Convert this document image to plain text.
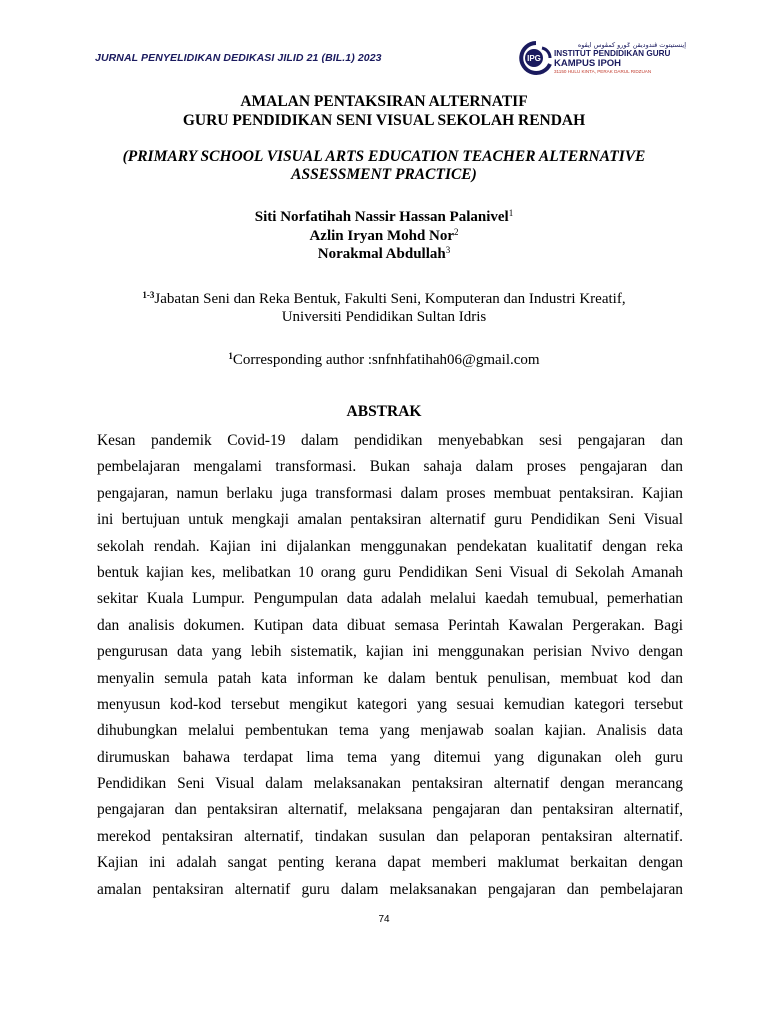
JURNAL PENYELIDIKAN DEDIKASI JILID 21 (BIL.1) 2023	IPG
إينستيتوت ڤندوديقن ݢورو کمڤوس ايڤوه
INSTITUT PENDIDIKAN GURU
KAMPUS IPOH
31150 HULU KINTA, PERAK DARUL RIDZUAN
AMALAN PENTAKSIRAN ALTERNATIF
GURU PENDIDIKAN SENI VISUAL SEKOLAH RENDAH
(PRIMARY SCHOOL VISUAL ARTS EDUCATION TEACHER ALTERNATIVE
ASSESSMENT PRACTICE)
Siti Norfatihah Nassir Hassan Palanivel$^1$
Azlin Iryan Mohd Nor$^2$
Norakmal Abdullah$^3$
$^{1-3}$Jabatan Seni dan Reka Bentuk, Fakulti Seni, Komputeran dan Industri Kreatif,
Universiti Pendidikan Sultan Idris
$^1$Corresponding author :snfnhfatihah06@gmail.com
ABSTRAK
Kesan pandemik Covid-19 dalam pendidikan menyebabkan sesi pengajaran dan
pembelajaran mengalami transformasi. Bukan sahaja dalam proses pengajaran dan
pengajaran, namun berlaku juga transformasi dalam proses membuat pentaksiran. Kajian
ini bertujuan untuk mengkaji amalan pentaksiran alternatif guru Pendidikan Seni Visual
sekolah rendah. Kajian ini dijalankan menggunakan pendekatan kualitatif dengan reka
bentuk kajian kes, melibatkan 10 orang guru Pendidikan Seni Visual di Sekolah Amanah
sekitar Kuala Lumpur. Pengumpulan data adalah melalui kaedah temubual, pemerhatian
dan analisis dokumen. Kutipan data dibuat semasa Perintah Kawalan Pergerakan. Bagi
pengurusan data yang lebih sistematik, kajian ini menggunakan perisian Nvivo dengan
menyalin semula patah kata informan ke dalam bentuk penulisan, membuat kod dan
menyusun kod-kod tersebut mengikut kategori yang sesuai kemudian kategori tersebut
dihubungkan melalui pembentukan tema yang menjawab soalan kajian. Analisis data
dirumuskan bahawa terdapat lima tema yang ditemui yang digunakan oleh guru
Pendidikan Seni Visual dalam melaksanakan pentaksiran alternatif dengan merancang
pengajaran dan pentaksiran alternatif, melaksana pengajaran dan pentaksiran alternatif,
merekod pentaksiran alternatif, tindakan susulan dan pelaporan pentaksiran alternatif.
Kajian ini adalah sangat penting kerana dapat memberi maklumat berkaitan dengan
amalan pentaksiran alternatif guru dalam melaksanakan pengajaran dan pembelajaran
74
